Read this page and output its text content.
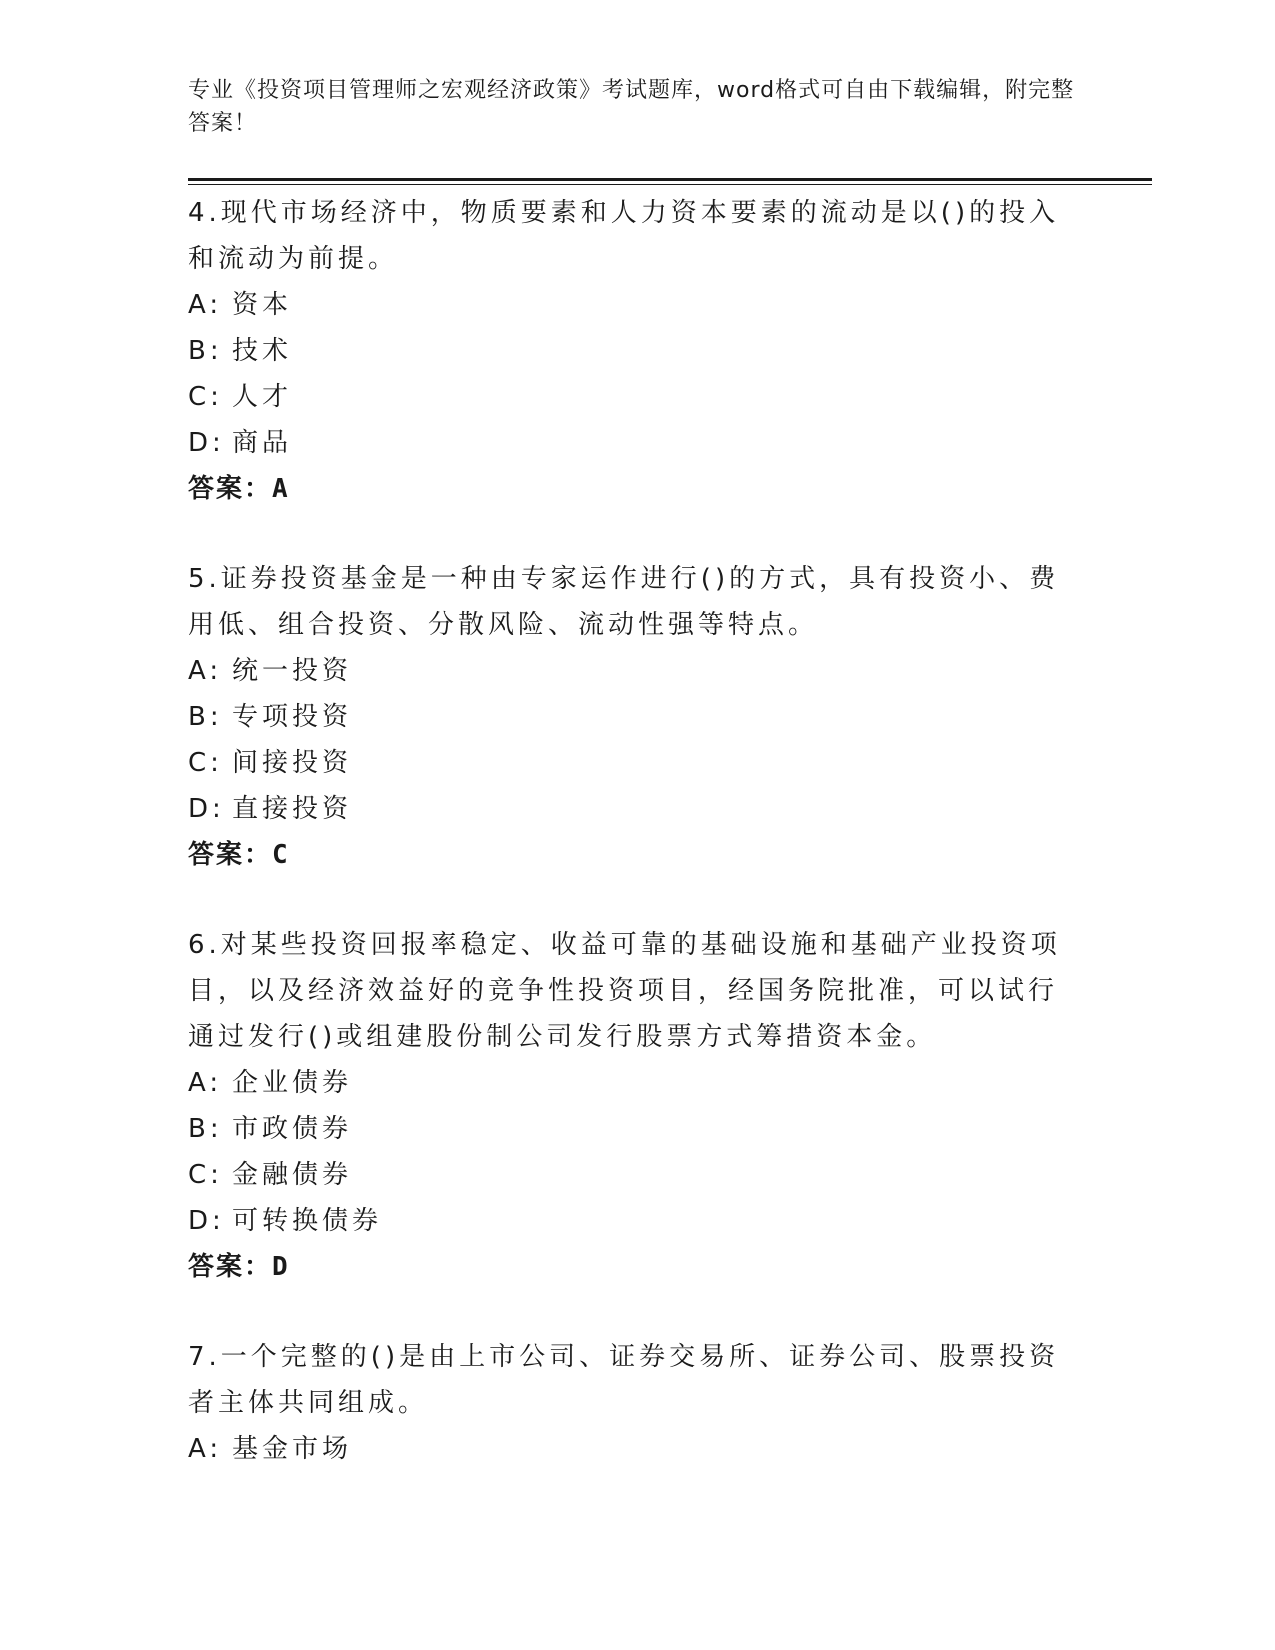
专业《投资项目管理师之宏观经济政策》考试题库，word格式可自由下载编辑，附完整答案！

4.现代市场经济中，物质要素和人力资本要素的流动是以()的投入和流动为前提。

A: 资本
B: 技术
C: 人才
D: 商品
答案：A

5.证券投资基金是一种由专家运作进行()的方式，具有投资小、费用低、组合投资、分散风险、流动性强等特点。

A: 统一投资
B: 专项投资
C: 间接投资
D: 直接投资
答案：C

6.对某些投资回报率稳定、收益可靠的基础设施和基础产业投资项目，以及经济效益好的竞争性投资项目，经国务院批准，可以试行通过发行()或组建股份制公司发行股票方式筹措资本金。

A: 企业债券
B: 市政债券
C: 金融债券
D: 可转换债券
答案：D

7.一个完整的()是由上市公司、证券交易所、证券公司、股票投资者主体共同组成。

A: 基金市场
